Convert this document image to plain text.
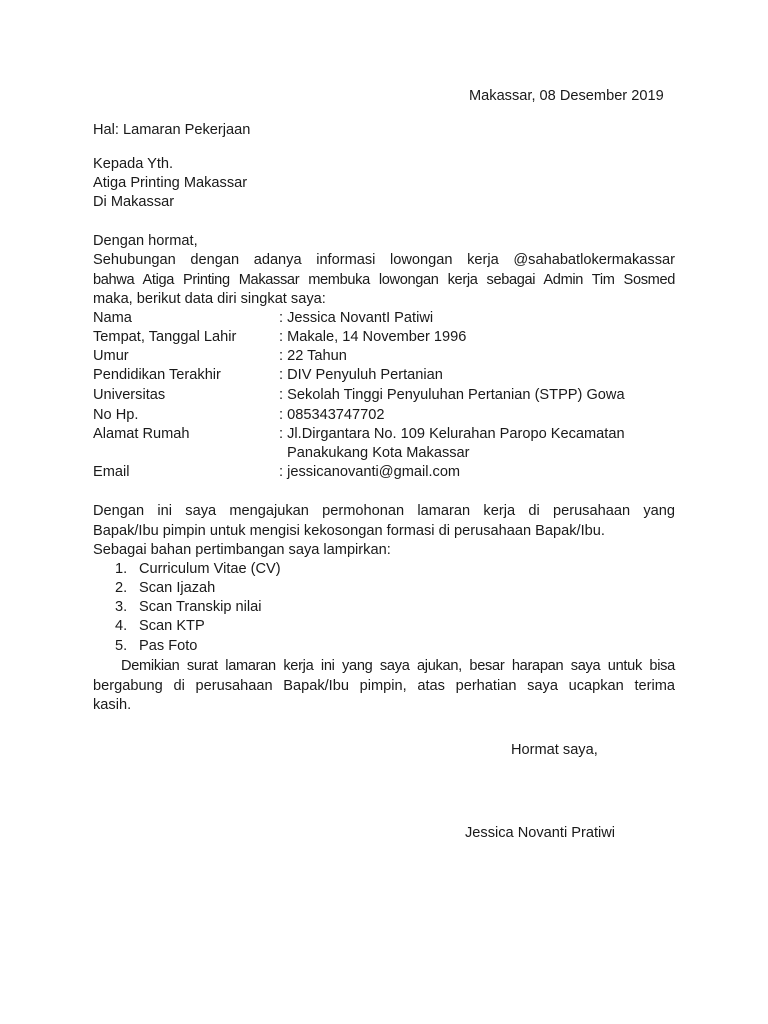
Makassar, 08 Desember 2019
Hal: Lamaran Pekerjaan
Kepada Yth.
Atiga Printing Makassar
Di Makassar
Dengan hormat,
Sehubungan dengan adanya informasi lowongan kerja @sahabatlokermakassar
bahwa Atiga Printing Makassar membuka lowongan kerja sebagai Admin Tim Sosmed
maka, berikut data diri singkat saya:
Nama	: Jessica NovantI Patiwi
Tempat, Tanggal Lahir	: Makale, 14 November 1996
Umur	: 22 Tahun
Pendidikan Terakhir	: DIV Penyuluh Pertanian
Universitas	: Sekolah Tinggi Penyuluhan Pertanian (STPP) Gowa
No Hp.	: 085343747702
Alamat Rumah	: Jl.Dirgantara No. 109 Kelurahan Paropo Kecamatan
Panakukang Kota Makassar
Email	: jessicanovanti@gmail.com
Dengan ini saya mengajukan permohonan lamaran kerja di perusahaan yang
Bapak/Ibu pimpin untuk mengisi kekosongan formasi di perusahaan Bapak/Ibu.
Sebagai bahan pertimbangan saya lampirkan:
1. Curriculum Vitae (CV)
2. Scan Ijazah
3. Scan Transkip nilai
4. Scan KTP
5. Pas Foto
Demikian surat lamaran kerja ini yang saya ajukan, besar harapan saya untuk bisa
bergabung di perusahaan Bapak/Ibu pimpin, atas perhatian saya ucapkan terima
kasih.
Hormat saya,
Jessica Novanti Pratiwi
